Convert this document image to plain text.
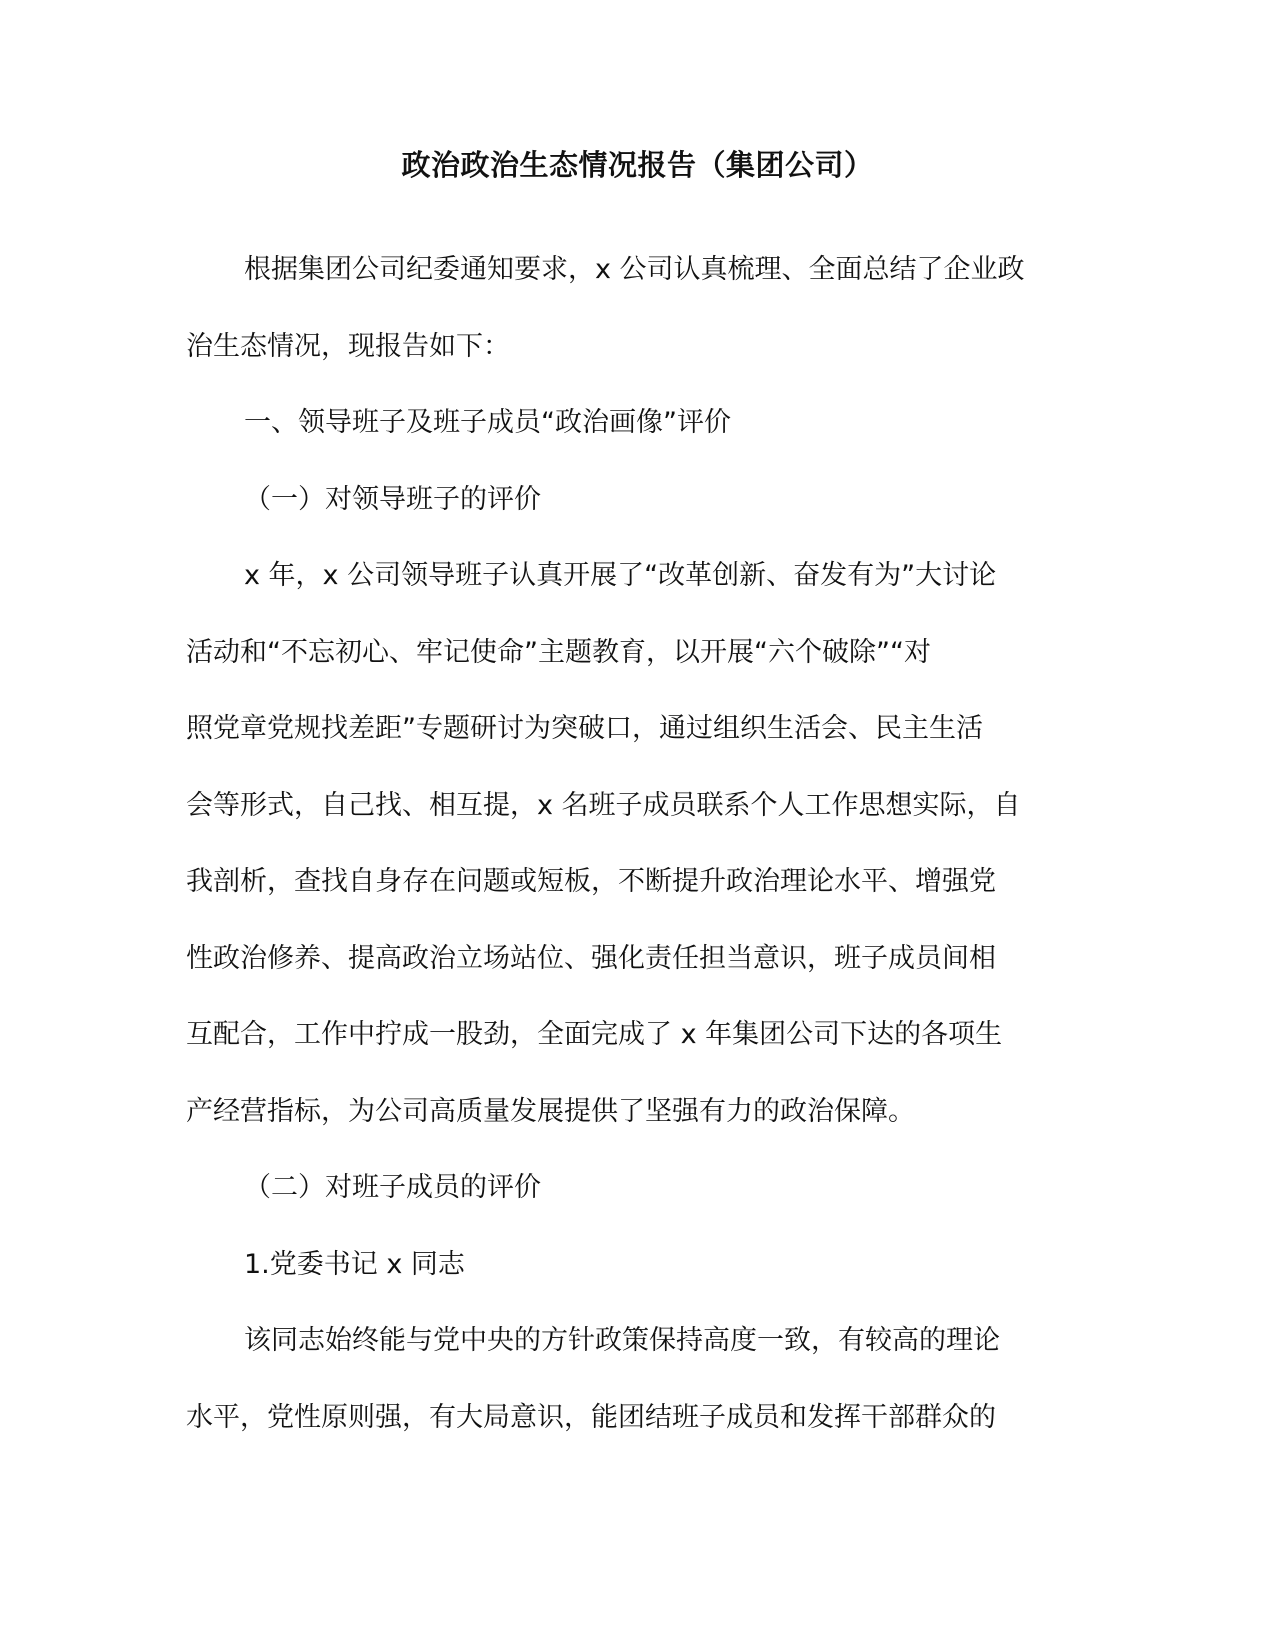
政治政治生态情况报告（集团公司）
根据集团公司纪委通知要求，x 公司认真梳理、全面总结了企业政
治生态情况，现报告如下：
一、领导班子及班子成员“政治画像”评价
（一）对领导班子的评价
x 年，x 公司领导班子认真开展了“改革创新、奋发有为”大讨论
活动和“不忘初心、牢记使命”主题教育，以开展“六个破除”“对
照党章党规找差距”专题研讨为突破口，通过组织生活会、民主生活
会等形式，自己找、相互提，x 名班子成员联系个人工作思想实际，自
我剖析，查找自身存在问题或短板，不断提升政治理论水平、增强党
性政治修养、提高政治立场站位、强化责任担当意识，班子成员间相
互配合，工作中拧成一股劲，全面完成了 x 年集团公司下达的各项生
产经营指标，为公司高质量发展提供了坚强有力的政治保障。
（二）对班子成员的评价
1.党委书记 x 同志
该同志始终能与党中央的方针政策保持高度一致，有较高的理论
水平，党性原则强，有大局意识，能团结班子成员和发挥干部群众的
